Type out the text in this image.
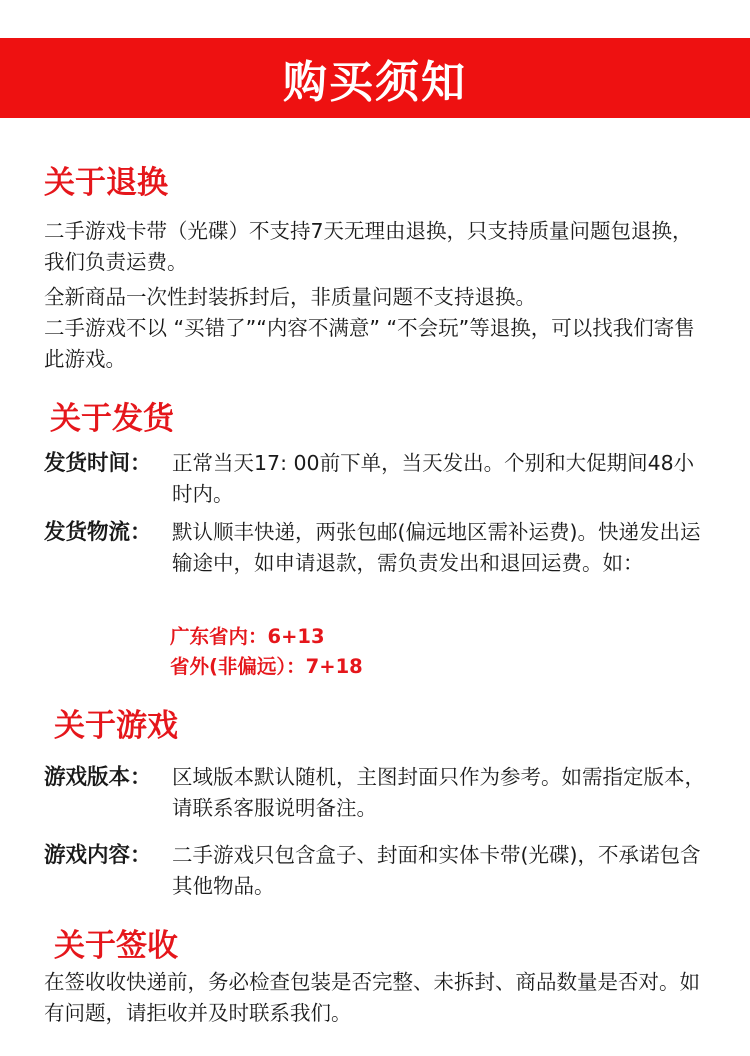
购买须知
关于退换

二手游戏卡带（光碟）不支持7天无理由退换，只支持质量问题包退换，我们负责运费。

全新商品一次性封装拆封后，非质量问题不支持退换。

二手游戏不以 “买错了”“内容不满意” “不会玩”等退换，可以找我们寄售此游戏。

关于发货
发货时间： 正常当天17: 00前下单，当天发出。个别和大促期间48小时内。
发货物流： 默认顺丰快递，两张包邮(偏远地区需补运费)。快递发出运输途中，如申请退款，需负责发出和退回运费。如：
广东省内：6+13
省外(非偏远）：7+18
关于游戏
游戏版本： 区域版本默认随机，主图封面只作为参考。如需指定版本，请联系客服说明备注。
游戏内容： 二手游戏只包含盒子、封面和实体卡带(光碟)，不承诺包含其他物品。
关于签收

在签收收快递前，务必检查包装是否完整、未拆封、商品数量是否对。如有问题，请拒收并及时联系我们。
